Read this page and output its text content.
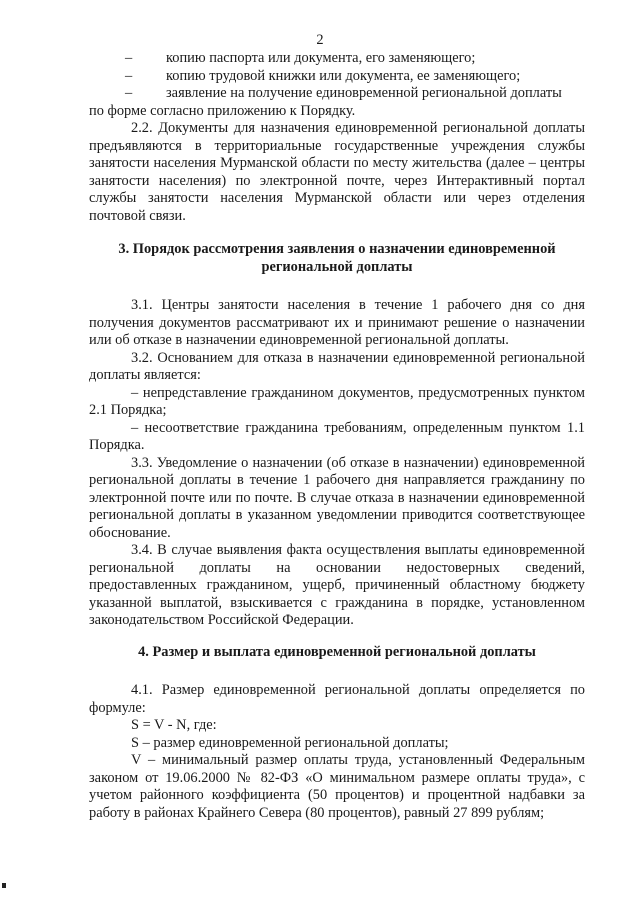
2
– копию паспорта или документа, его заменяющего;
– копию трудовой книжки или документа, ее заменяющего;
– заявление на получение единовременной региональной доплаты

по форме согласно приложению к Порядку.

2.2. Документы для назначения единовременной региональной доплаты предъявляются в территориальные государственные учреждения службы занятости населения Мурманской области по месту жительства (далее – центры занятости населения) по электронной почте, через Интерактивный портал службы занятости населения Мурманской области или через отделения почтовой связи.

3. Порядок рассмотрения заявления о назначении единовременной региональной доплаты

3.1. Центры занятости населения в течение 1 рабочего дня со дня получения документов рассматривают их и принимают решение о назначении или об отказе в назначении единовременной региональной доплаты.

3.2. Основанием для отказа в назначении единовременной региональной доплаты является:

– непредставление гражданином документов, предусмотренных пунктом 2.1 Порядка;

– несоответствие гражданина требованиям, определенным пунктом 1.1 Порядка.

3.3. Уведомление о назначении (об отказе в назначении) единовременной региональной доплаты в течение 1 рабочего дня направляется гражданину по электронной почте или по почте. В случае отказа в назначении единовременной региональной доплаты в указанном уведомлении приводится соответствующее обоснование.

3.4. В случае выявления факта осуществления выплаты единовременной региональной доплаты на основании недостоверных сведений, предоставленных гражданином, ущерб, причиненный областному бюджету указанной выплатой, взыскивается с гражданина в порядке, установленном законодательством Российской Федерации.

4. Размер и выплата единовременной региональной доплаты

4.1. Размер единовременной региональной доплаты определяется по формуле:

S = V - N, где:

S – размер единовременной региональной доплаты;

V – минимальный размер оплаты труда, установленный Федеральным законом от 19.06.2000 № 82-ФЗ «О минимальном размере оплаты труда», с учетом районного коэффициента (50 процентов) и процентной надбавки за работу в районах Крайнего Севера (80 процентов), равный 27 899 рублям;
